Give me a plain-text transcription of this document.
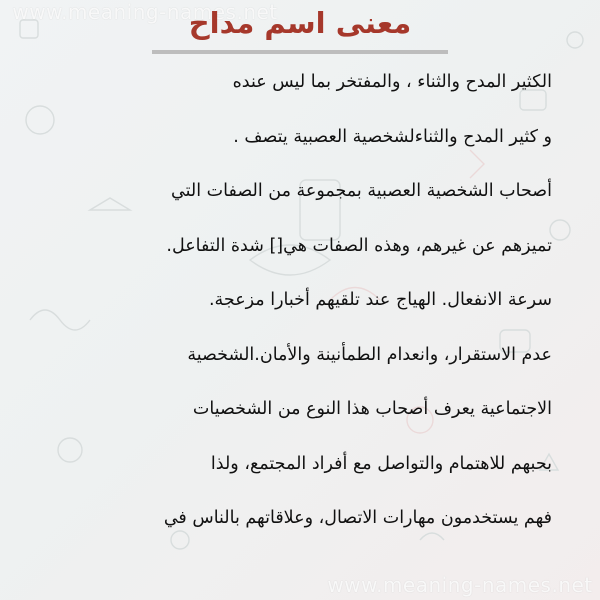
www.meaning-names.net
معنى اسم مداح
الكثير المدح والثناء ، والمفتخر بما ليس عنده
و كثير المدح والثناءلشخصية العصبية يتصف .
أصحاب الشخصية العصبية بمجموعة من الصفات التي
تميزهم عن غيرهم، وهذه الصفات هي[] شدة التفاعل.
سرعة الانفعال. الهياج عند تلقيهم أخبارا مزعجة.
عدم الاستقرار، وانعدام الطمأنينة والأمان.الشخصية
الاجتماعية يعرف أصحاب هذا النوع من الشخصيات
بحبهم للاهتمام والتواصل مع أفراد المجتمع، ولذا
فهم يستخدمون مهارات الاتصال، وعلاقاتهم بالناس في
www.meaning-names.net
